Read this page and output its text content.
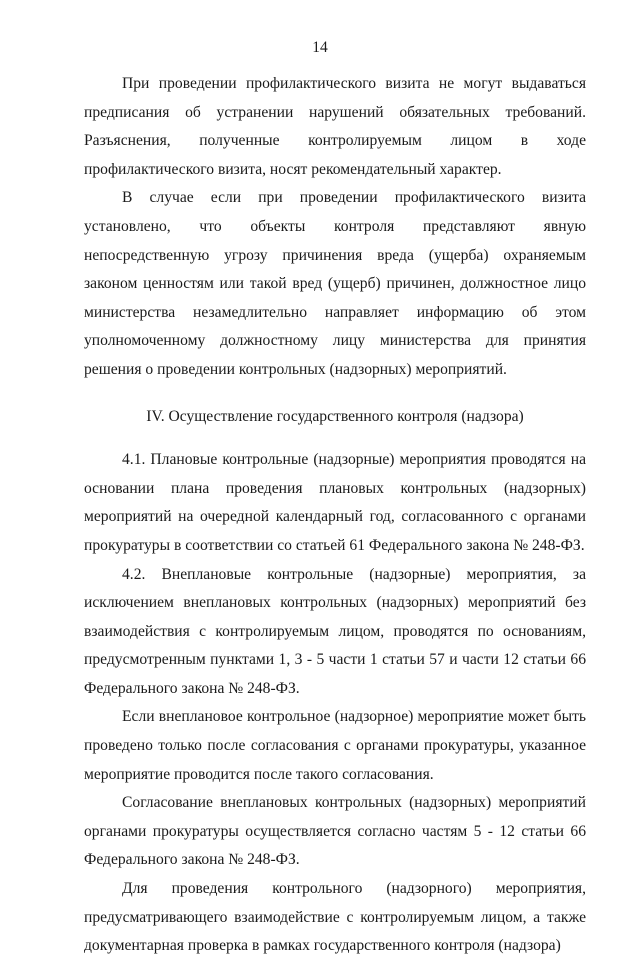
14

При проведении профилактического визита не могут выдаваться предписания об устранении нарушений обязательных требований. Разъяснения, полученные контролируемым лицом в ходе профилактического визита, носят рекомендательный характер.

В случае если при проведении профилактического визита установлено, что объекты контроля представляют явную непосредственную угрозу причинения вреда (ущерба) охраняемым законом ценностям или такой вред (ущерб) причинен, должностное лицо министерства незамедлительно направляет информацию об этом уполномоченному должностному лицу министерства для принятия решения о проведении контрольных (надзорных) мероприятий.

IV. Осуществление государственного контроля (надзора)

4.1. Плановые контрольные (надзорные) мероприятия проводятся на основании плана проведения плановых контрольных (надзорных) мероприятий на очередной календарный год, согласованного с органами прокуратуры в соответствии со статьей 61 Федерального закона № 248-ФЗ.

4.2. Внеплановые контрольные (надзорные) мероприятия, за исключением внеплановых контрольных (надзорных) мероприятий без взаимодействия с контролируемым лицом, проводятся по основаниям, предусмотренным пунктами 1, 3 - 5 части 1 статьи 57 и части 12 статьи 66 Федерального закона № 248-ФЗ.

Если внеплановое контрольное (надзорное) мероприятие может быть проведено только после согласования с органами прокуратуры, указанное мероприятие проводится после такого согласования.

Согласование внеплановых контрольных (надзорных) мероприятий органами прокуратуры осуществляется согласно частям 5 - 12 статьи 66 Федерального закона № 248-ФЗ.

Для проведения контрольного (надзорного) мероприятия, предусматривающего взаимодействие с контролируемым лицом, а также документарная проверка в рамках государственного контроля (надзора)
